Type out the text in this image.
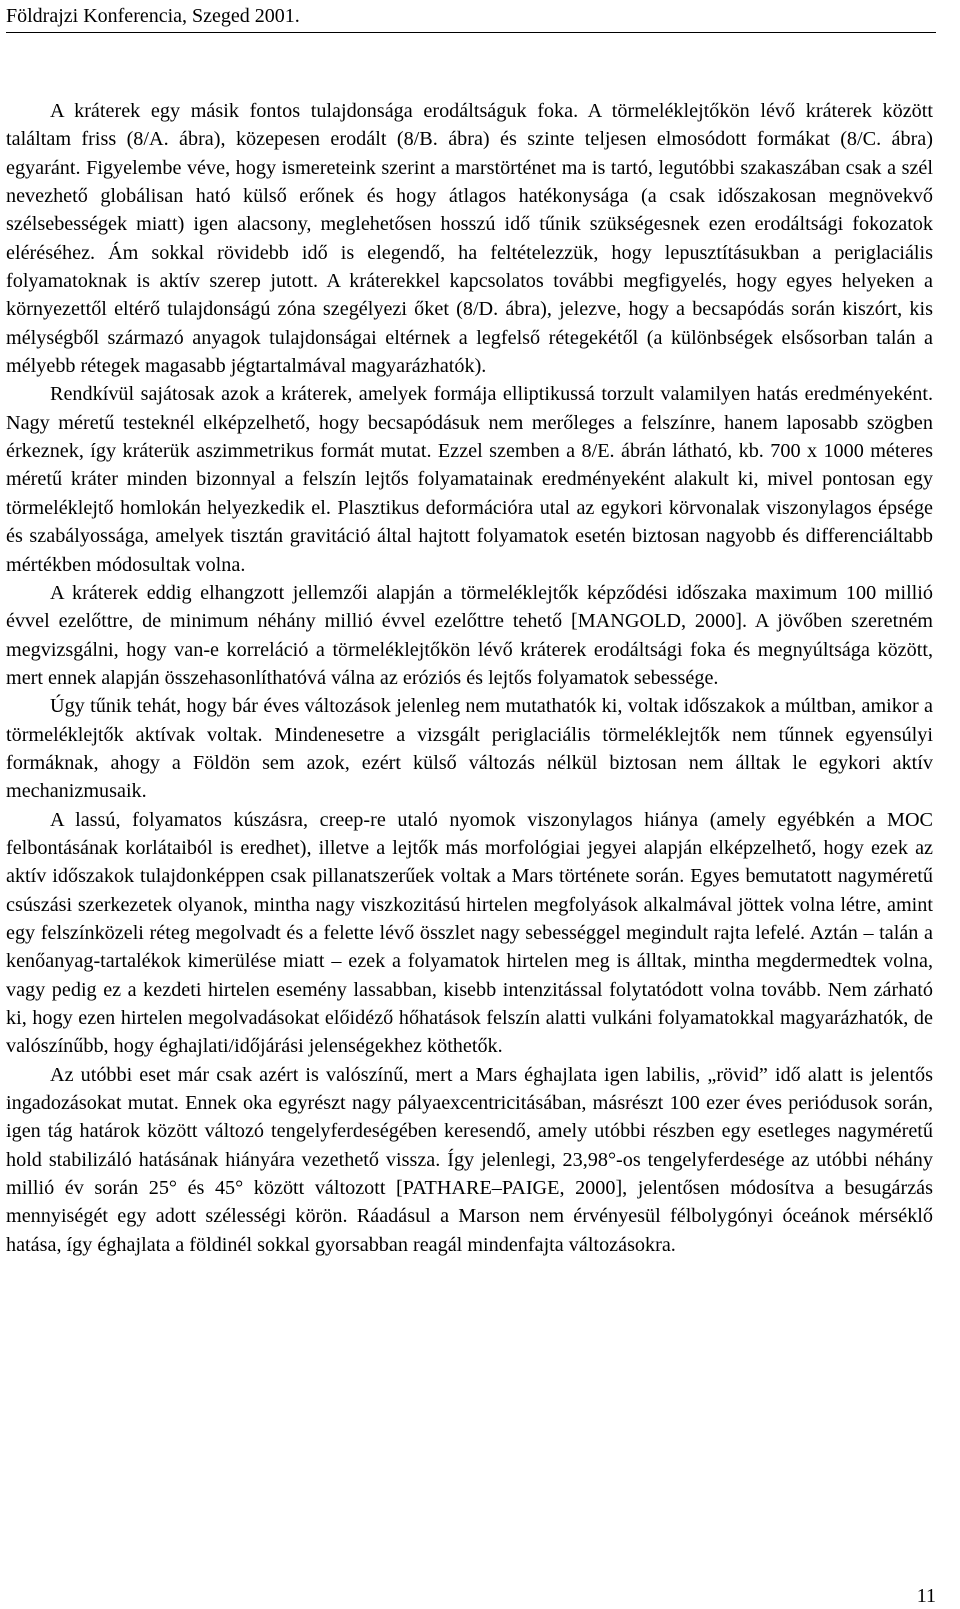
Földrajzi Konferencia, Szeged 2001.

A kráterek egy másik fontos tulajdonsága erodáltságuk foka. A törmeléklejtőkön lévő kráterek között találtam friss (8/A. ábra), közepesen erodált (8/B. ábra) és szinte teljesen elmosódott formákat (8/C. ábra) egyaránt. Figyelembe véve, hogy ismereteink szerint a marstörténet ma is tartó, legutóbbi szakaszában csak a szél nevezhető globálisan ható külső erőnek és hogy átlagos hatékonysága (a csak időszakosan megnövekvő szélsebességek miatt) igen alacsony, meglehetősen hosszú idő tűnik szükségesnek ezen erodáltsági fokozatok eléréséhez. Ám sokkal rövidebb idő is elegendő, ha feltételezzük, hogy lepusztításukban a periglaciális folyamatoknak is aktív szerep jutott. A kráterekkel kapcsolatos további megfigyelés, hogy egyes helyeken a környezettől eltérő tulajdonságú zóna szegélyezi őket (8/D. ábra), jelezve, hogy a becsapódás során kiszórt, kis mélységből származó anyagok tulajdonságai eltérnek a legfelső rétegekétől (a különbségek elsősorban talán a mélyebb rétegek magasabb jégtartalmával magyarázhatók).

Rendkívül sajátosak azok a kráterek, amelyek formája elliptikussá torzult valamilyen hatás eredményeként. Nagy méretű testeknél elképzelhető, hogy becsapódásuk nem merőleges a felszínre, hanem laposabb szögben érkeznek, így kráterük aszimmetrikus formát mutat. Ezzel szemben a 8/E. ábrán látható, kb. 700 x 1000 méteres méretű kráter minden bizonnyal a felszín lejtős folyamatainak eredményeként alakult ki, mivel pontosan egy törmeléklejtő homlokán helyezkedik el. Plasztikus deformációra utal az egykori körvonalak viszonylagos épsége és szabályossága, amelyek tisztán gravitáció által hajtott folyamatok esetén biztosan nagyobb és differenciáltabb mértékben módosultak volna.

A kráterek eddig elhangzott jellemzői alapján a törmeléklejtők képződési időszaka maximum 100 millió évvel ezelőttre, de minimum néhány millió évvel ezelőttre tehető [MANGOLD, 2000]. A jövőben szeretném megvizsgálni, hogy van-e korreláció a törmeléklejtőkön lévő kráterek erodáltsági foka és megnyúltsága között, mert ennek alapján összehasonlíthatóvá válna az eróziós és lejtős folyamatok sebessége.

Úgy tűnik tehát, hogy bár éves változások jelenleg nem mutathatók ki, voltak időszakok a múltban, amikor a törmeléklejtők aktívak voltak. Mindenesetre a vizsgált periglaciális törmeléklejtők nem tűnnek egyensúlyi formáknak, ahogy a Földön sem azok, ezért külső változás nélkül biztosan nem álltak le egykori aktív mechanizmusaik.

A lassú, folyamatos kúszásra, creep-re utaló nyomok viszonylagos hiánya (amely egyébkén a MOC felbontásának korlátaiból is eredhet), illetve a lejtők más morfológiai jegyei alapján elképzelhető, hogy ezek az aktív időszakok tulajdonképpen csak pillanatszerűek voltak a Mars története során. Egyes bemutatott nagyméretű csúszási szerkezetek olyanok, mintha nagy viszkozitású hirtelen megfolyások alkalmával jöttek volna létre, amint egy felszínközeli réteg megolvadt és a felette lévő összlet nagy sebességgel megindult rajta lefelé. Aztán – talán a kenőanyag-tartalékok kimerülése miatt – ezek a folyamatok hirtelen meg is álltak, mintha megdermedtek volna, vagy pedig ez a kezdeti hirtelen esemény lassabban, kisebb intenzitással folytatódott volna tovább. Nem zárható ki, hogy ezen hirtelen megolvadásokat előidéző hőhatások felszín alatti vulkáni folyamatokkal magyarázhatók, de valószínűbb, hogy éghajlati/időjárási jelenségekhez köthetők.

Az utóbbi eset már csak azért is valószínű, mert a Mars éghajlata igen labilis, „rövid” idő alatt is jelentős ingadozásokat mutat. Ennek oka egyrészt nagy pályaexcentricitásában, másrészt 100 ezer éves periódusok során, igen tág határok között változó tengelyferdeségében keresendő, amely utóbbi részben egy esetleges nagyméretű hold stabilizáló hatásának hiányára vezethető vissza. Így jelenlegi, 23,98°-os tengelyferdesége az utóbbi néhány millió év során 25° és 45° között változott [PATHARE–PAIGE, 2000], jelentősen módosítva a besugárzás mennyiségét egy adott szélességi körön. Ráadásul a Marson nem érvényesül félbolygónyi óceánok mérséklő hatása, így éghajlata a földinél sokkal gyorsabban reagál mindenfajta változásokra.

11
